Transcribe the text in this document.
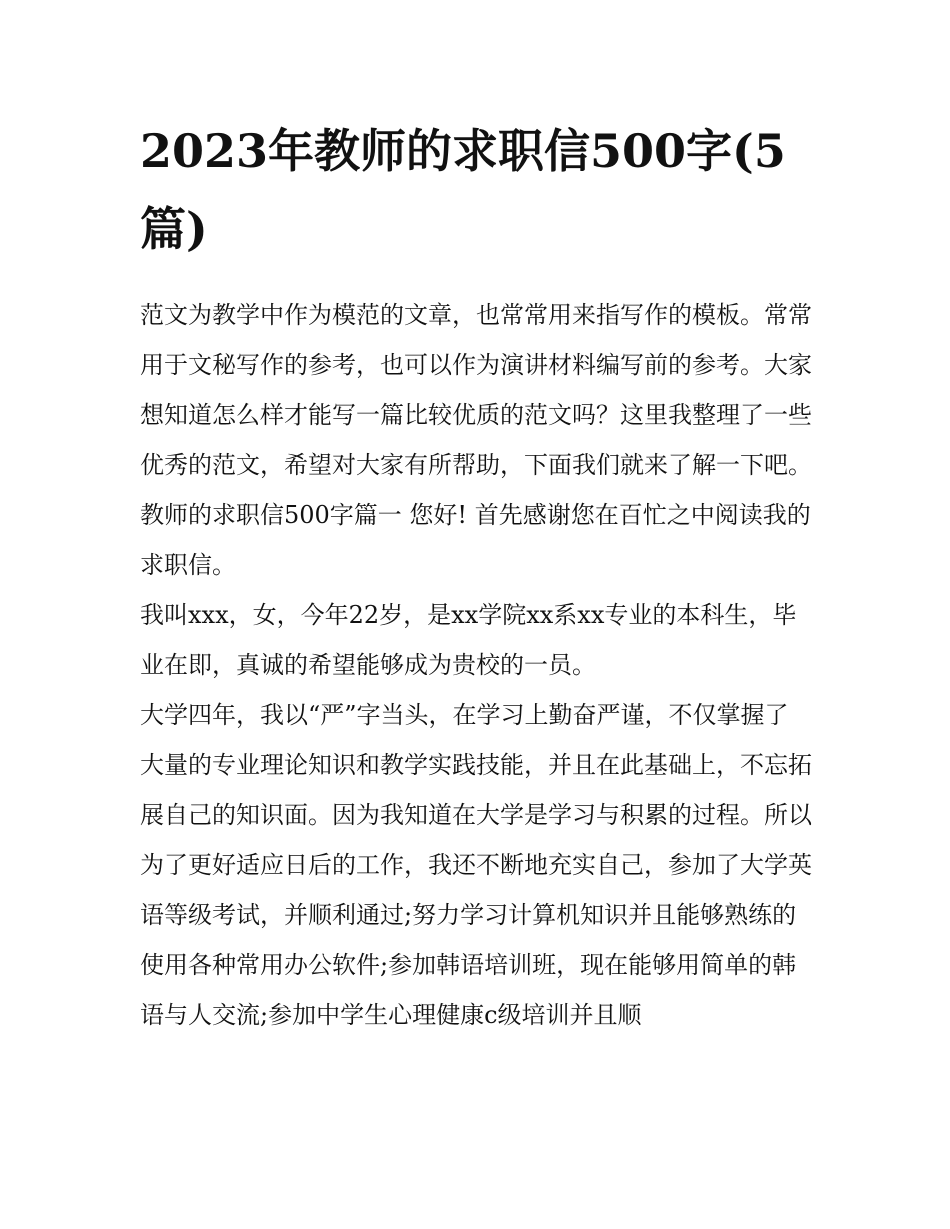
2023年教师的求职信500字(5篇)

范文为教学中作为模范的文章，也常常用来指写作的模板。常常用于文秘写作的参考，也可以作为演讲材料编写前的参考。大家想知道怎么样才能写一篇比较优质的范文吗？这里我整理了一些优秀的范文，希望对大家有所帮助，下面我们就来了解一下吧。

教师的求职信500字篇一 您好! 首先感谢您在百忙之中阅读我的求职信。

我叫xxx，女，今年22岁，是xx学院xx系xx专业的本科生，毕业在即，真诚的希望能够成为贵校的一员。

大学四年，我以“严”字当头，在学习上勤奋严谨，不仅掌握了大量的专业理论知识和教学实践技能，并且在此基础上，不忘拓展自己的知识面。因为我知道在大学是学习与积累的过程。所以为了更好适应日后的工作，我还不断地充实自己，参加了大学英语等级考试，并顺利通过;努力学习计算机知识并且能够熟练的使用各种常用办公软件;参加韩语培训班，现在能够用简单的韩语与人交流;参加中学生心理健康c级培训并且顺
